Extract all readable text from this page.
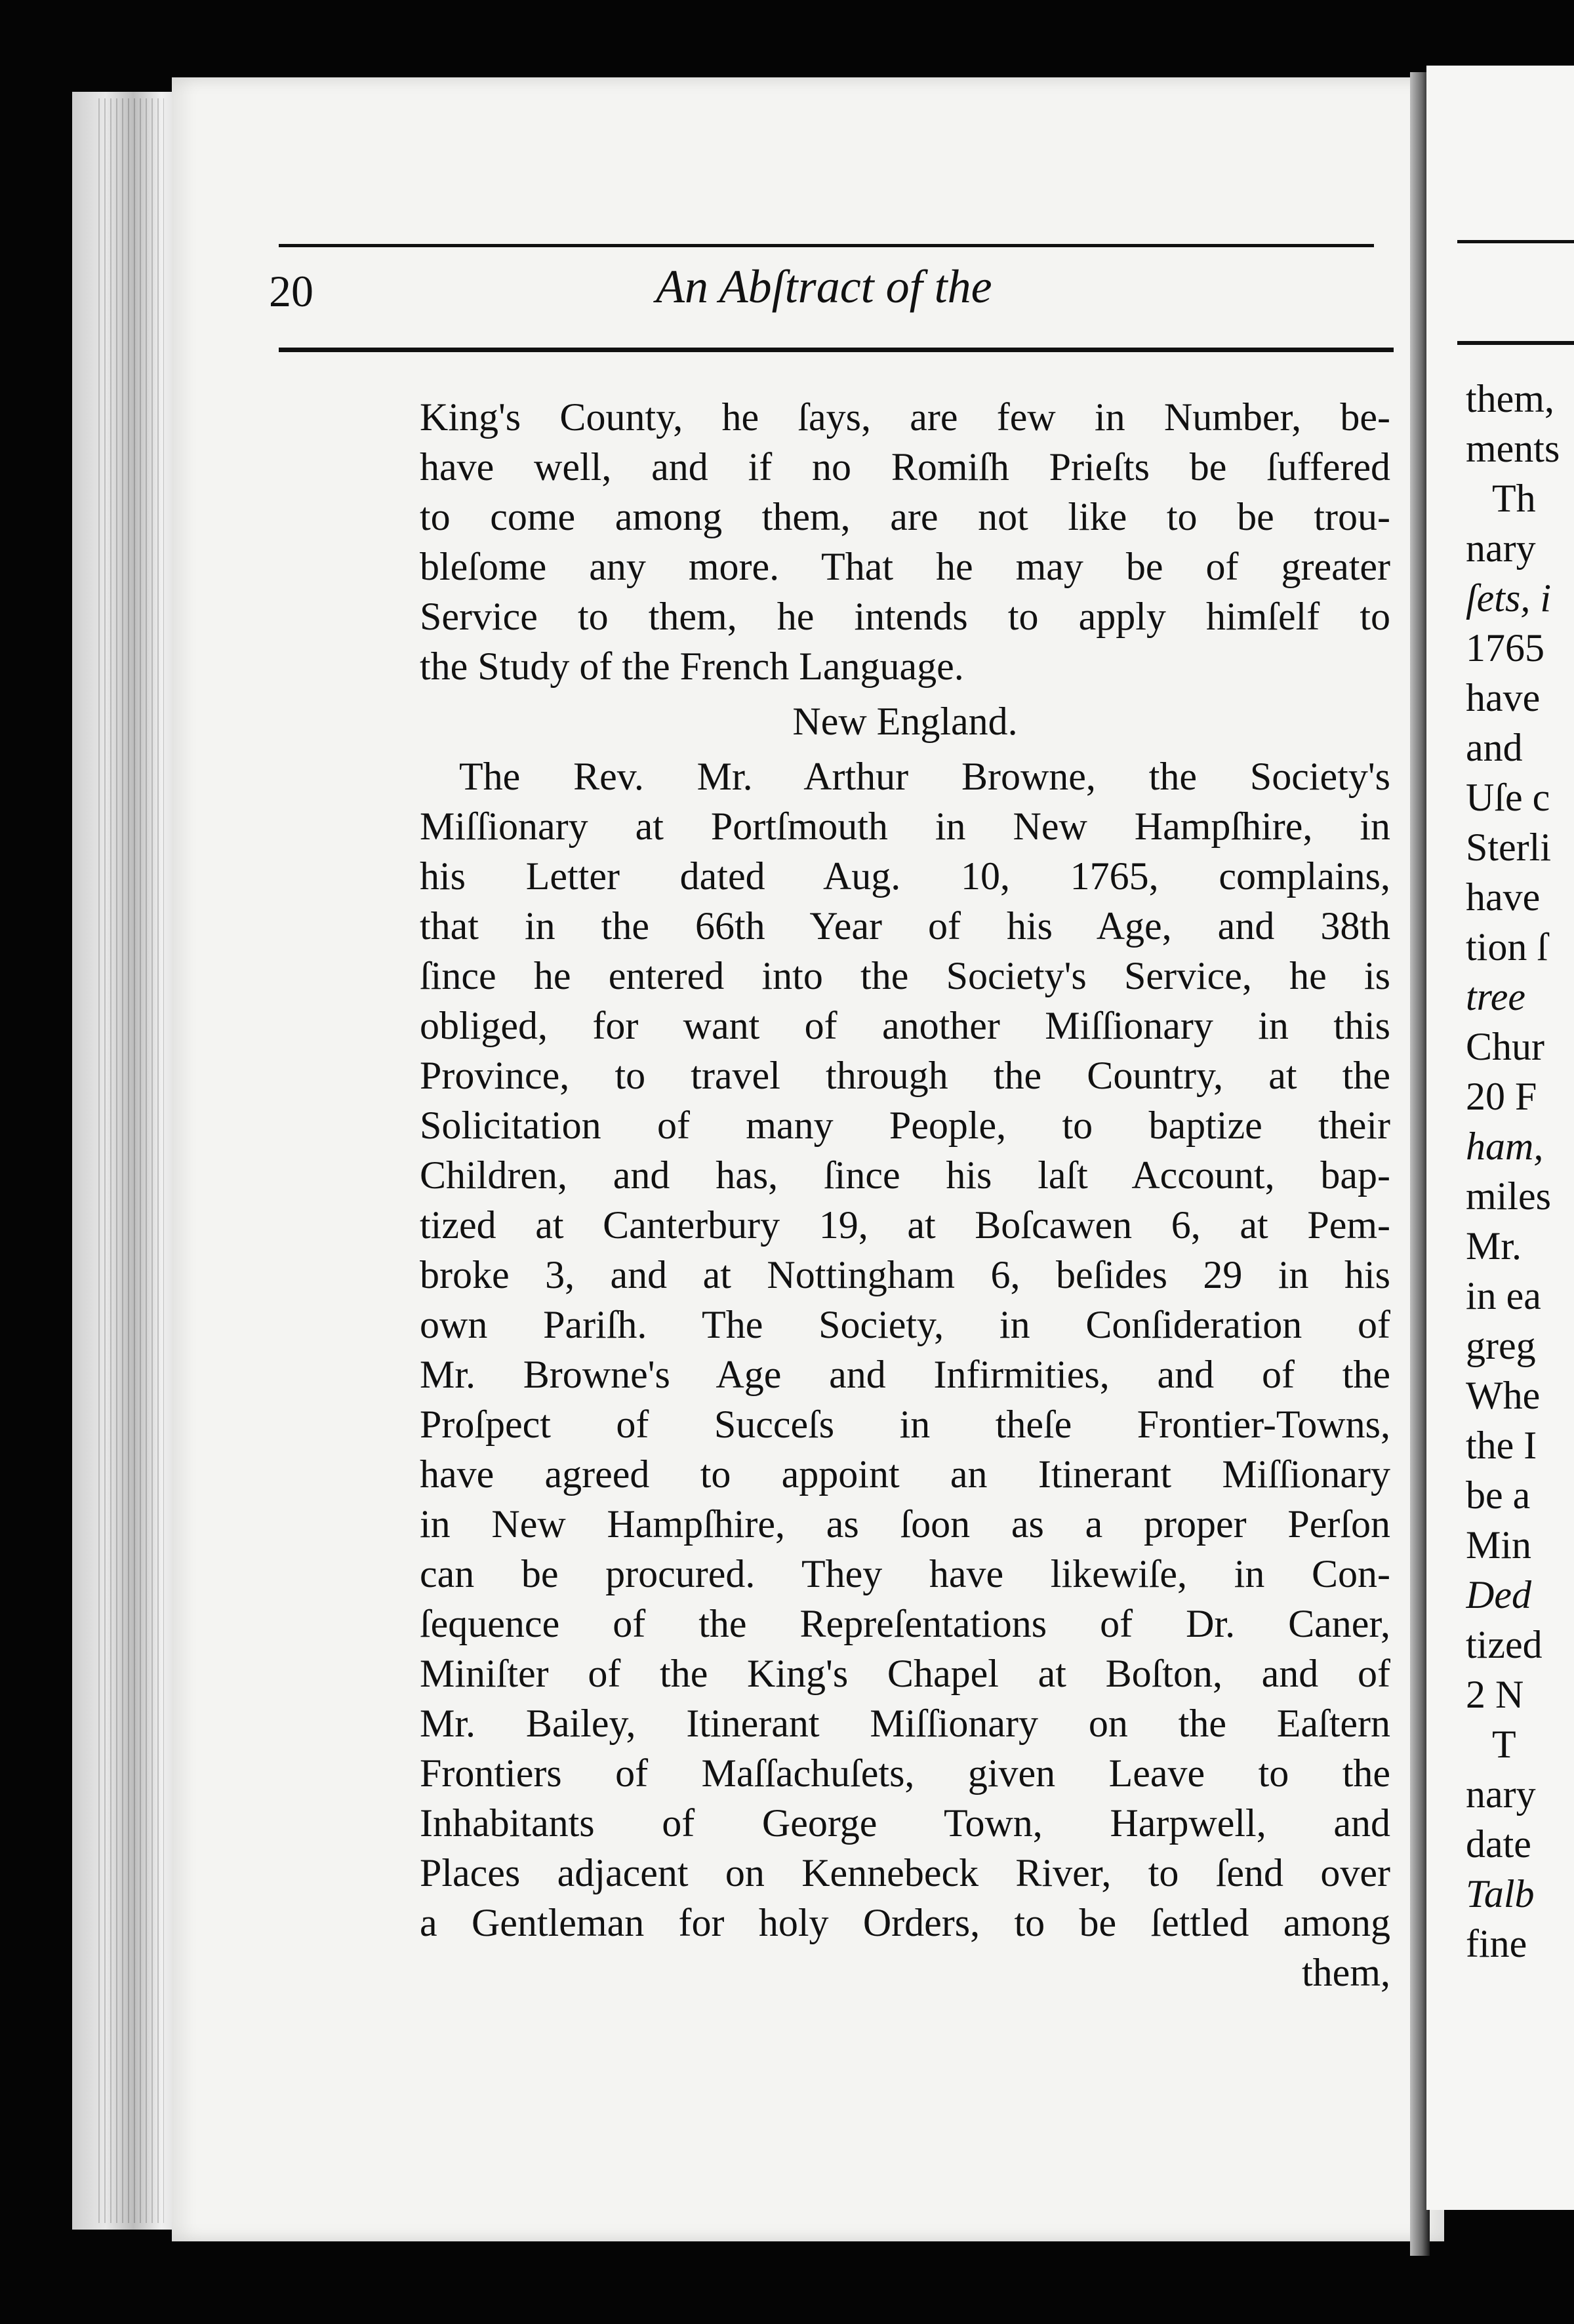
20	An Abſtract of the
King's County, he ſays, are few in Number, be-
have well, and if no Romiſh Prieſts be ſuffered
to come among them, are not like to be trou-
bleſome any more. That he may be of greater
Service to them, he intends to apply himſelf to
the Study of the French Language.
New England.
The Rev. Mr. Arthur Browne, the Society's
Miſſionary at Portſmouth in New Hampſhire, in
his Letter dated Aug. 10, 1765, complains,
that in the 66th Year of his Age, and 38th
ſince he entered into the Society's Service, he is
obliged, for want of another Miſſionary in this
Province, to travel through the Country, at the
Solicitation of many People, to baptize their
Children, and has, ſince his laſt Account, bap-
tized at Canterbury 19, at Boſcawen 6, at Pem-
broke 3, and at Nottingham 6, beſides 29 in his
own Pariſh. The Society, in Conſideration of
Mr. Browne's Age and Infirmities, and of the
Proſpect of Succeſs in theſe Frontier-Towns,
have agreed to appoint an Itinerant Miſſionary
in New Hampſhire, as ſoon as a proper Perſon
can be procured. They have likewiſe, in Con-
ſequence of the Repreſentations of Dr. Caner,
Miniſter of the King's Chapel at Boſton, and of
Mr. Bailey, Itinerant Miſſionary on the Eaſtern
Frontiers of Maſſachuſets, given Leave to the
Inhabitants of George Town, Harpwell, and
Places adjacent on Kennebeck River, to ſend over
a Gentleman for holy Orders, to be ſettled among
them,
them,
ments
Th
nary
ſets, i
1765
have
and
Uſe c
Sterli
have
tion ſ
tree
Chur
20 F
ham,
miles
Mr.
in ea
greg
Whe
the I
be a
Min
Ded
tized
2 N
T
nary
date
Talb
fine
